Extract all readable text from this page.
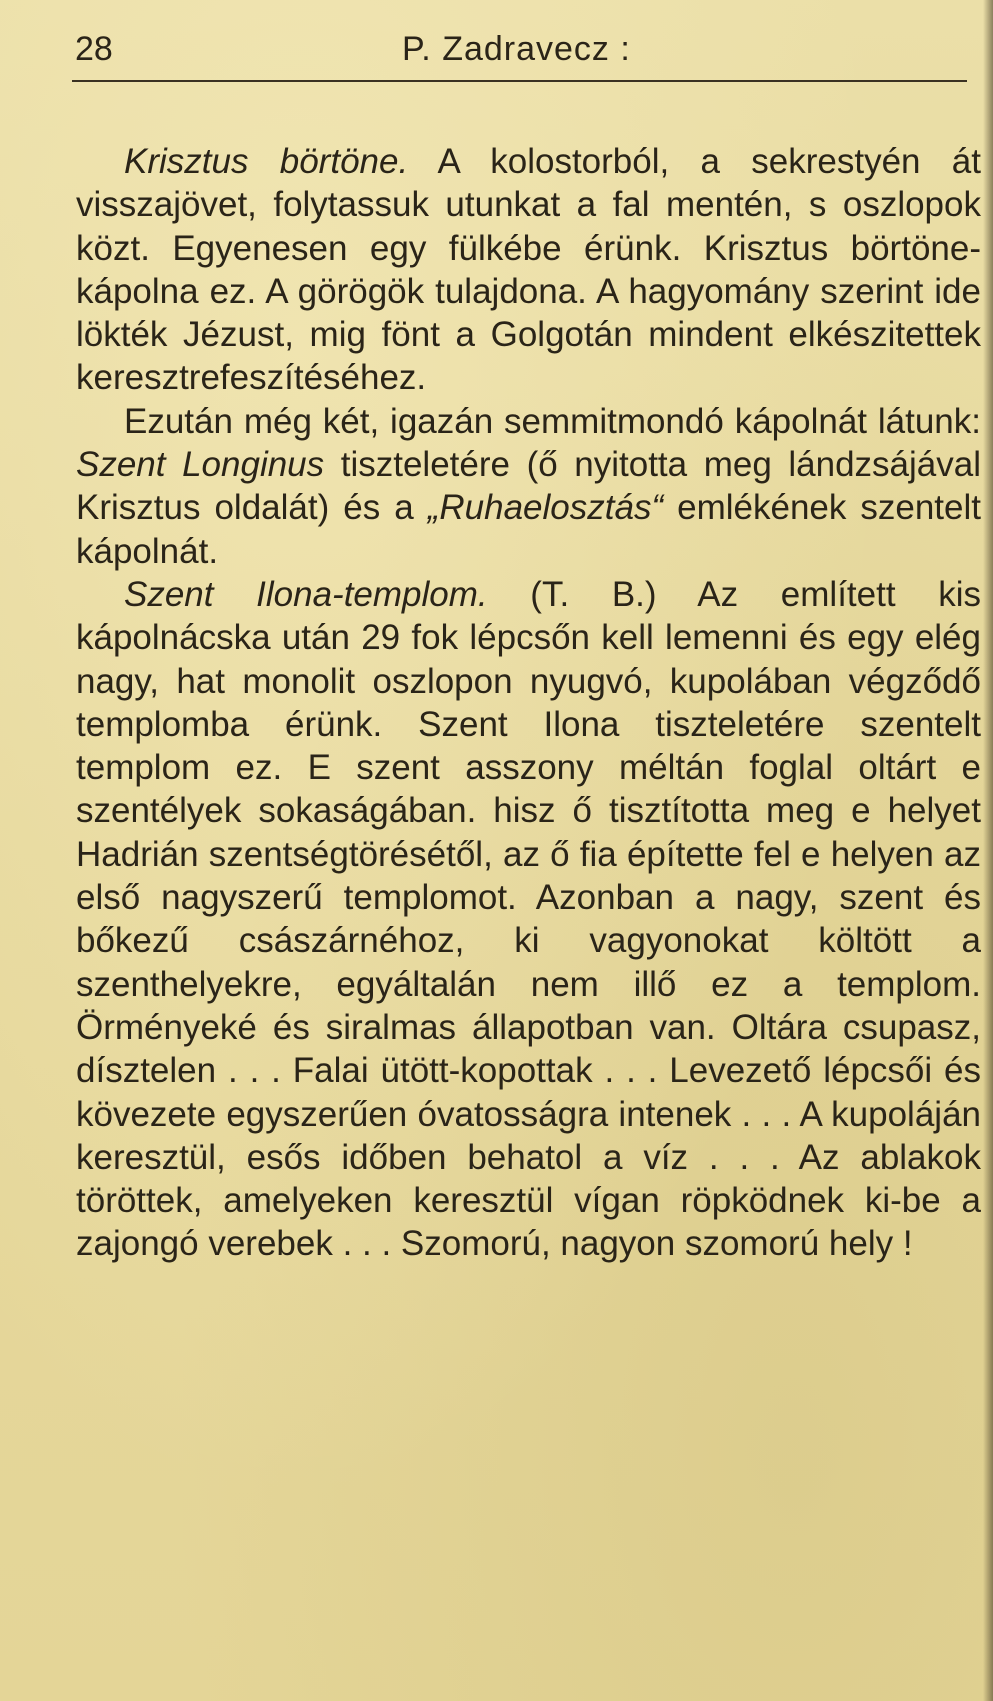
28	P. Zadravecz :

Krisztus börtöne. A kolostorból, a sekrestyén át visszajövet, folytassuk utunkat a fal mentén, s oszlopok közt. Egyenesen egy fülkébe érünk. Krisztus börtöne-kápolna ez. A görögök tulajdona. A hagyomány szerint ide lökték Jézust, mig fönt a Golgotán mindent elkészitettek keresztrefeszítéséhez.

Ezután még két, igazán semmitmondó kápolnát látunk: Szent Longinus tiszteletére (ő nyitotta meg lándzsájával Krisztus oldalát) és a „Ruhaelosztás“ emlékének szentelt kápolnát.

Szent Ilona-templom. (T. B.) Az említett kis kápolnácska után 29 fok lépcsőn kell lemenni és egy elég nagy, hat monolit oszlopon nyugvó, kupolában végződő templomba érünk. Szent Ilona tiszteletére szentelt templom ez. E szent asszony méltán foglal oltárt e szentélyek sokaságában. hisz ő tisztította meg e helyet Hadrián szentségtörésétől, az ő fia építette fel e helyen az első nagyszerű templomot. Azonban a nagy, szent és bőkezű császárnéhoz, ki vagyonokat költött a szenthelyekre, egyáltalán nem illő ez a templom. Örményeké és siralmas állapotban van. Oltára csupasz, dísztelen . . . Falai ütött-kopottak . . . Levezető lépcsői és kövezete egyszerűen óvatosságra intenek . . . A kupoláján keresztül, esős időben behatol a víz . . . Az ablakok töröttek, amelyeken keresztül vígan röpködnek ki-be a zajongó verebek . . . Szomorú, nagyon szomorú hely !
